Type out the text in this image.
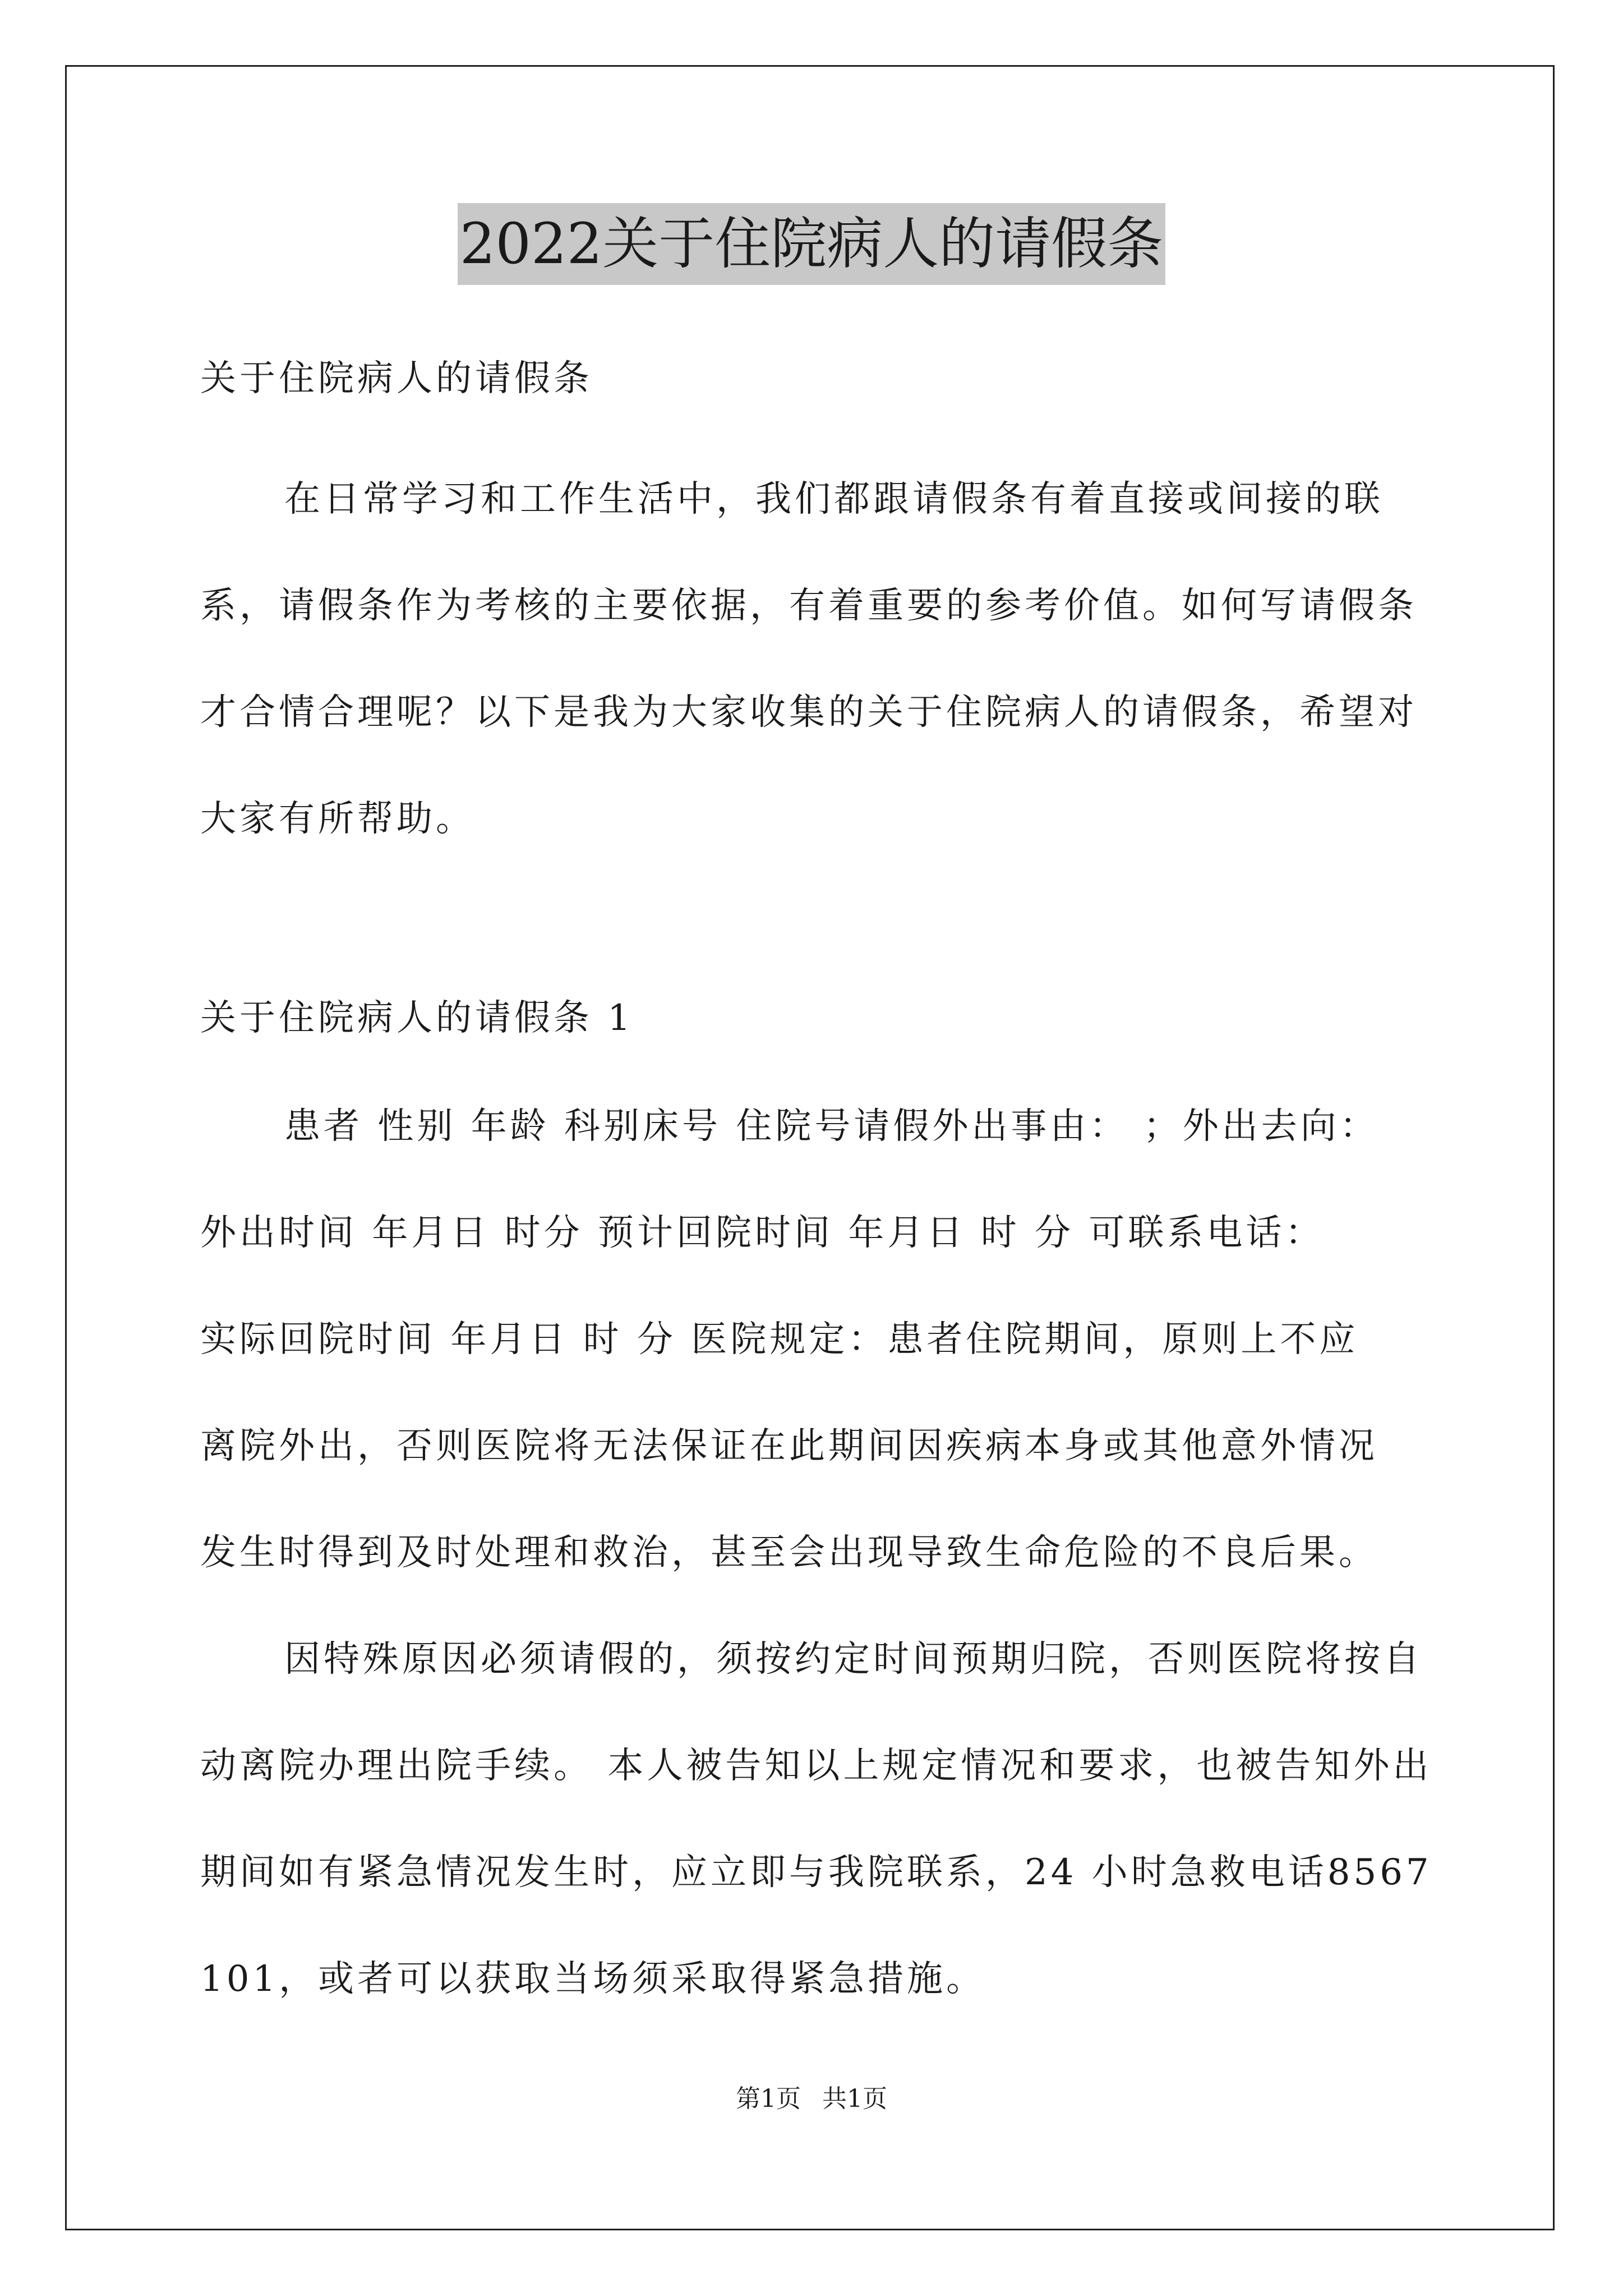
2022关于住院病人的请假条
关于住院病人的请假条

在日常学习和工作生活中，我们都跟请假条有着直接或间接的联系，请假条作为考核的主要依据，有着重要的参考价值。如何写请假条才合情合理呢？以下是我为大家收集的关于住院病人的请假条，希望对大家有所帮助。

关于住院病人的请假条 1
患者 性别 年龄 科别床号 住院号请假外出事由： ；外出去向：
外出时间 年月日 时分 预计回院时间 年月日 时 分 可联系电话：
实际回院时间 年月日 时 分 医院规定：患者住院期间，原则上不应
离院外出，否则医院将无法保证在此期间因疾病本身或其他意外情况
发生时得到及时处理和救治，甚至会出现导致生命危险的不良后果。

因特殊原因必须请假的，须按约定时间预期归院，否则医院将按自动离院办理出院手续。 本人被告知以上规定情况和要求，也被告知外出期间如有紧急情况发生时，应立即与我院联系，24 小时急救电话8567101，或者可以获取当场须采取得紧急措施。

第1页 共1页
